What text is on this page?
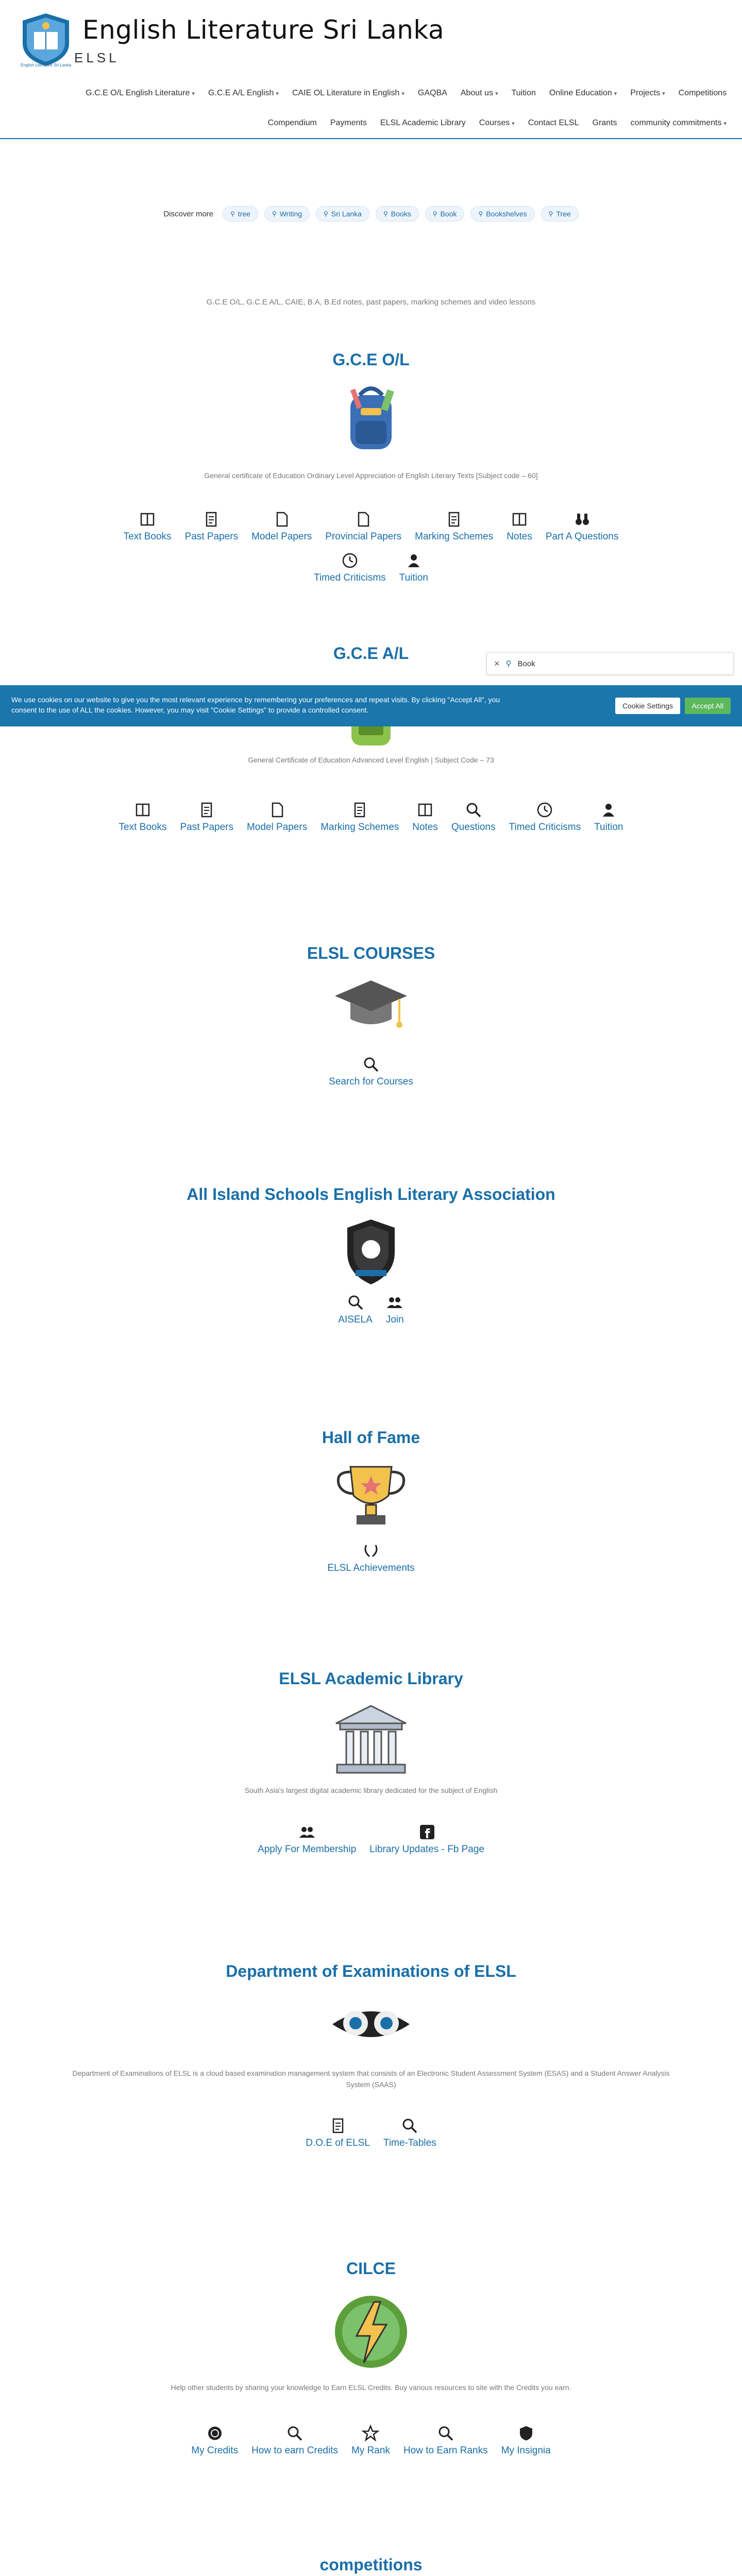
English Literature Sri Lanka
English Literature Sri Lanka
ELSL
G.C.E O/L English Literature ▾ G.C.E A/L English ▾ CAIE OL Literature in English ▾ GAQBA About us ▾ Tuition Online Education ▾ Projects ▾ Competitions
Compendium Payments ELSL Academic Library Courses ▾ Contact ELSL Grants community commitments ▾
Discover more	⚲ tree	⚲ Writing	⚲ Sri Lanka	⚲ Books	⚲ Book	⚲ Bookshelves	⚲ Tree
G.C.E O/L, G.C.E A/L, CAIE, B.A, B.Ed notes, past papers, marking schemes and video lessons
G.C.E O/L
General certificate of Education Ordinary Level Appreciation of English Literary Texts [Subject code – 60]
Text Books Past Papers Model Papers Provincial Papers Marking Schemes Notes Part A Questions
Timed Criticisms Tuition
× ⚲ Book
G.C.E A/L
General Certificate of Education Advanced Level English | Subject Code – 73
Text Books Past Papers Model Papers Marking Schemes Notes Questions Timed Criticisms Tuition
We use cookies on our website to give you the most relevant experience by remembering your preferences and repeat visits. By clicking "Accept All", you consent to the use of ALL the cookies. However, you may visit "Cookie Settings" to provide a controlled consent.	Cookie Settings	Accept All
ELSL COURSES
Search for Courses
All Island Schools English Literary Association
AISELA Join
Hall of Fame
ELSL Achievements
ELSL Academic Library
South Asia's largest digital academic library dedicated for the subject of English
Apply For Membership Library Updates - Fb Page
Department of Examinations of ELSL
Department of Examinations of ELSL is a cloud based examination management system that consists of an Electronic Student Assessment System (ESAS) and a Student Answer Analysis System (SAAS)
D.O.E of ELSL Time-Tables
CILCE
Help other students by sharing your knowledge to Earn ELSL Credits. Buy various resources to site with the Credits you earn.
My Credits How to earn Credits My Rank How to Earn Ranks My Insignia
competitions
